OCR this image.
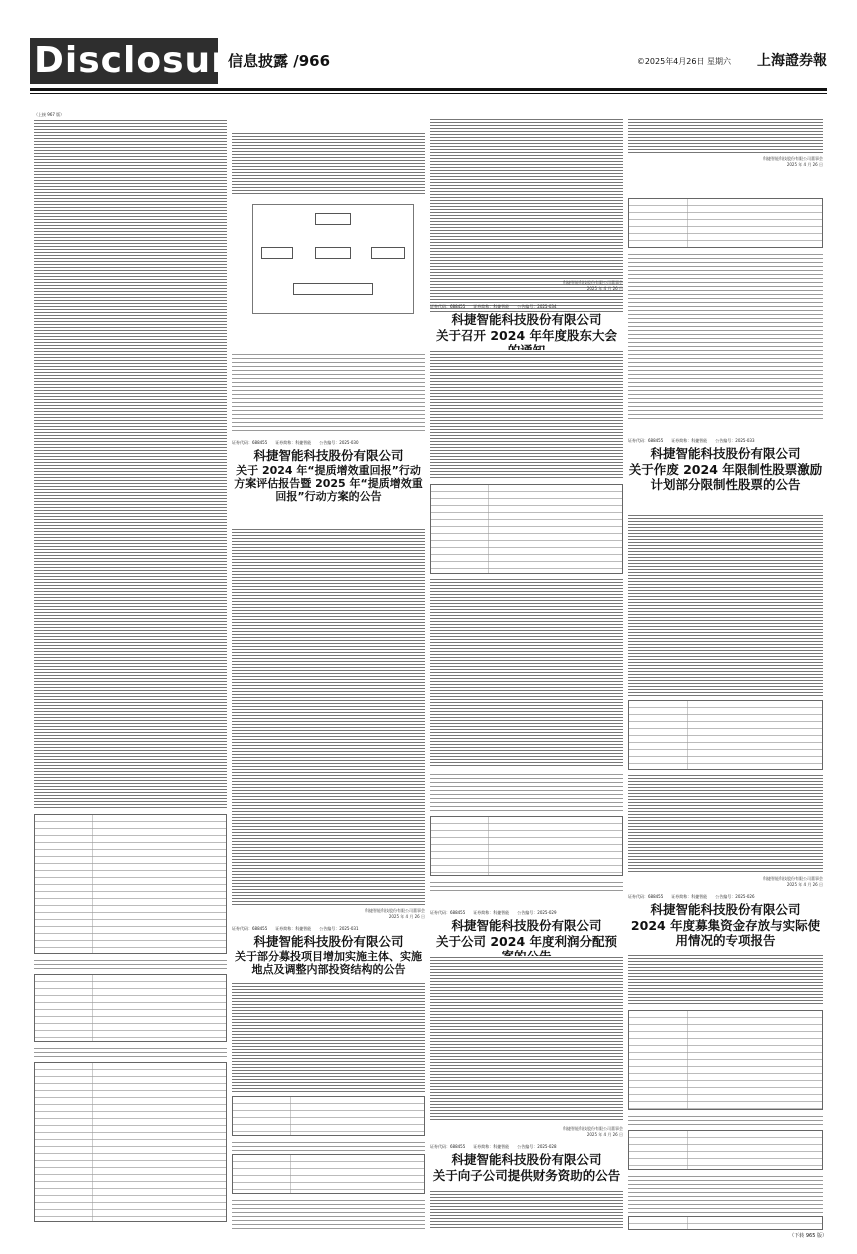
Disclosure
信息披露 /966	©2025年4月26日 星期六 上海證券報
（上接 967 版）
证券代码：688455　　证券简称：科捷智能　　公告编号：2025-030
科捷智能科技股份有限公司
关于 2024 年“提质增效重回报”行动方案评估报告暨 2025 年“提质增效重回报”行动方案的公告
科捷智能科技股份有限公司董事会
2025 年 4 月 26 日
证券代码：688455　　证券简称：科捷智能　　公告编号：2025-031
科捷智能科技股份有限公司
关于部分募投项目增加实施主体、实施地点及调整内部投资结构的公告
科捷智能科技股份有限公司董事会
2025 年 4 月 26 日
证券代码：688455　　证券简称：科捷智能　　公告编号：2025-034
科捷智能科技股份有限公司
关于召开 2024 年年度股东大会
科捷智能科技股份有限公司董事会
2025 年 4 月 26 日
证券代码：688455　　证券简称：科捷智能　　公告编号：2025-029
科捷智能科技股份有限公司
关于公司 2024 年度利润分配预
证券代码：688455　　证券简称：科捷智能　　公告编号：2025-028
科捷智能科技股份有限公司
关于向子公司提供财务资助的公告
科捷智能科技股份有限公司董事会
2025 年 4 月 26 日
证券代码：688455　　证券简称：科捷智能　　公告编号：2025-033
科捷智能科技股份有限公司
关于作废 2024 年限制性股票激励计划部分限制性股票的公告
科捷智能科技股份有限公司董事会
2025 年 4 月 26 日
证券代码：688455　　证券简称：科捷智能　　公告编号：2025-026
科捷智能科技股份有限公司
2024 年度募集资金存放与实际使用情况的专项报告
（下转 965 版）
